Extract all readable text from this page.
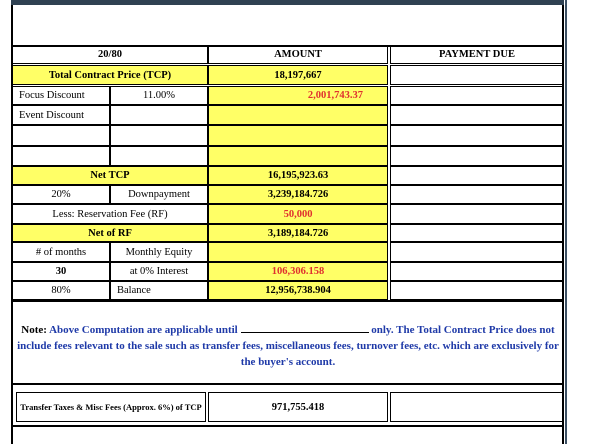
20/80	AMOUNT	PAYMENT DUE
Total Contract Price (TCP)	18,197,667
Focus Discount	11.00%	2,001,743.37
Event Discount
Net TCP	16,195,923.63
20%	Downpayment	3,239,184.726
Less: Reservation Fee (RF)	50,000
Net of RF	3,189,184.726
# of months	Monthly Equity
30	at 0% Interest	106,306.158
80%	Balance	12,956,738.904
Note: Above Computation are applicable until	only. The Total Contract Price does not include fees relevant to the sale such as transfer fees, miscellaneous fees, turnover fees, etc. which are exclusively for the buyer's account.
Transfer Taxes & Misc Fees (Approx. 6%) of TCP	971,755.418
